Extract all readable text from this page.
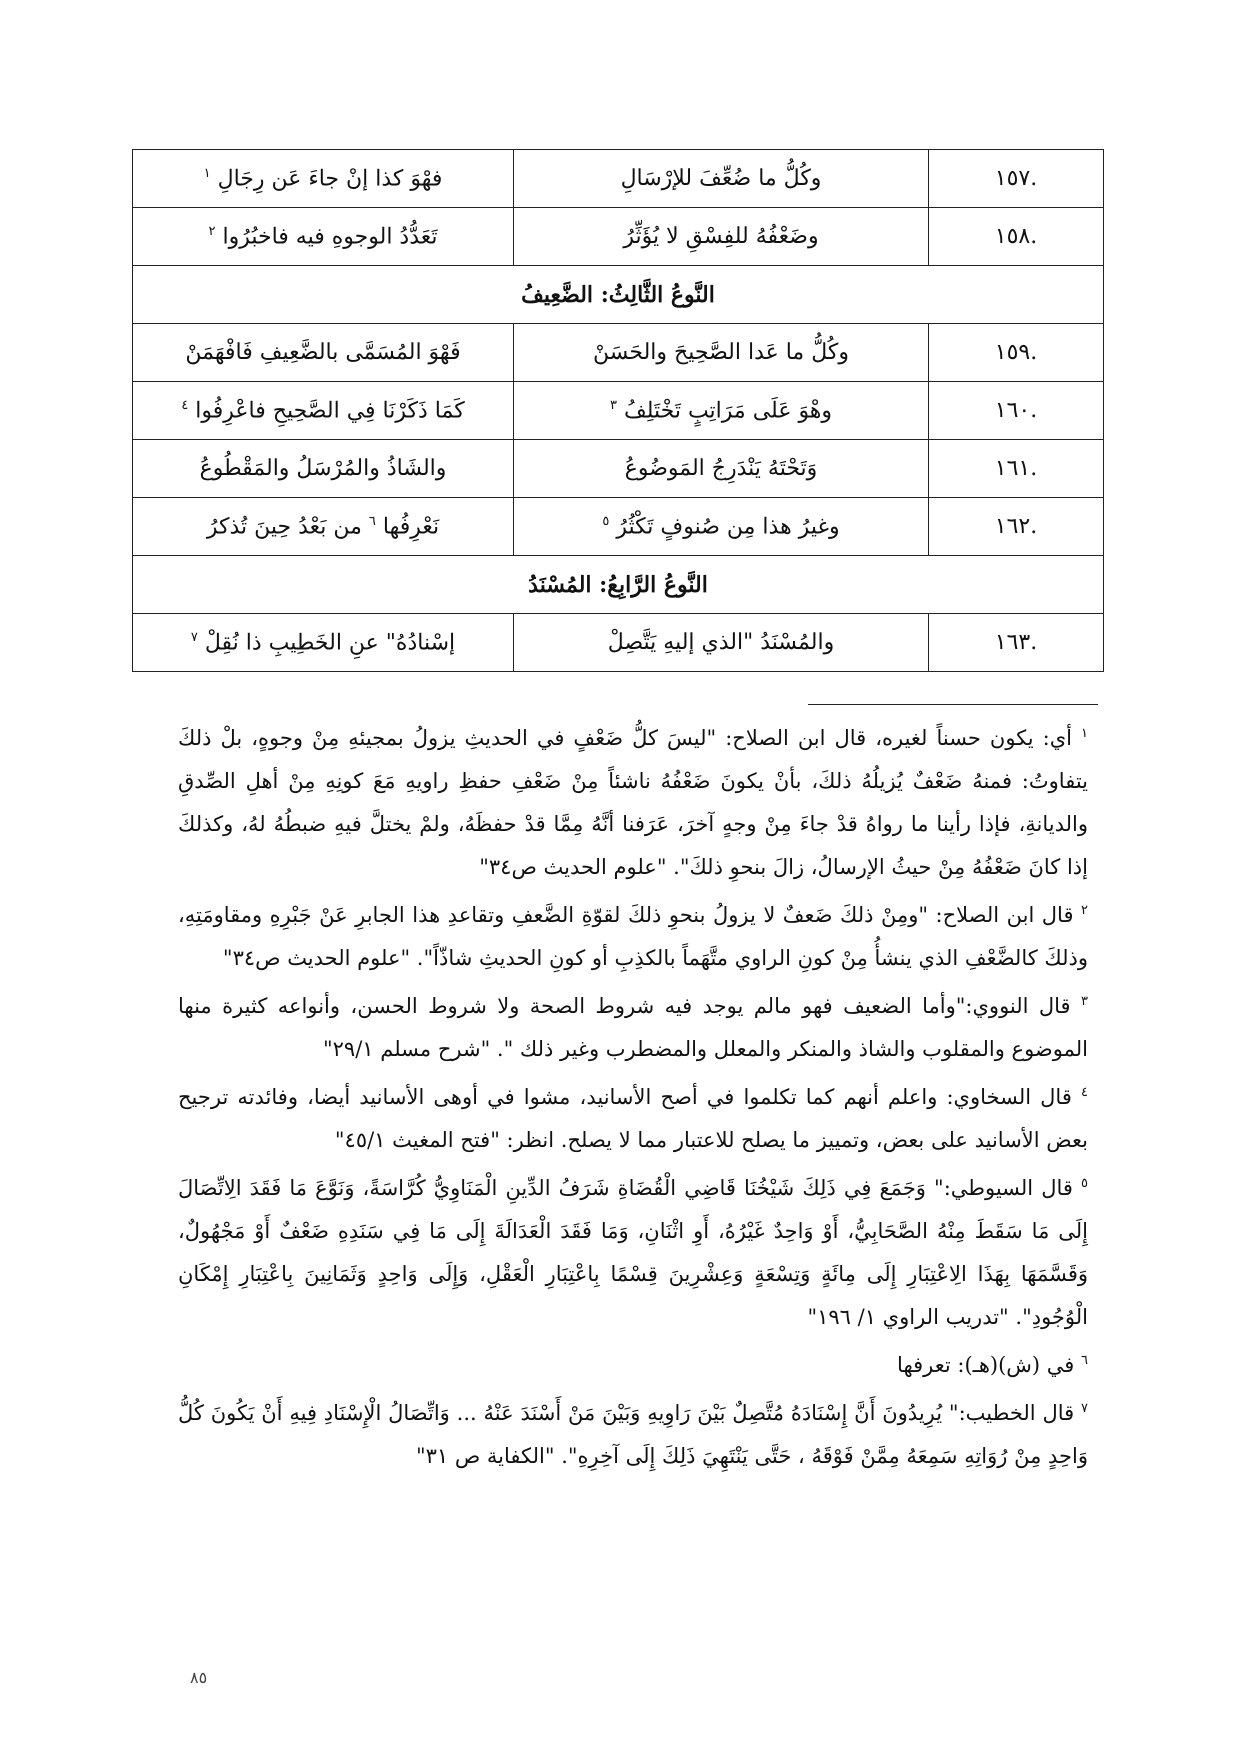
.١٥٧	وكُلُّ ما ضُعِّفَ للإرْسَالِ	فهْوَ كذا إنْ جاءَ عَن رِجَالِ $^١$
.١٥٨	وضَعْفُهُ للفِسْقِ لا يُؤَثِّرُ	تَعَدُّدُ الوجوهِ فيه فاخبُرُوا $^٢$
النَّوعُ الثَّالِثُ: الضَّعِيفُ		
.١٥٩	وكُلُّ ما عَدا الصَّحِيحَ والحَسَنْ	فَهْوَ المُسَمَّى بالضَّعِيفِ فَافْهَمَنْ
.١٦٠	وهْوَ عَلَى مَرَاتِبٍ تَخْتَلِفُ $^٣$	كَمَا ذَكَرْنَا فِي الصَّحِيحِ فاعْرِفُوا $^٤$
.١٦١	وَتَحْتَهُ يَنْدَرِجُ المَوضُوعُ	والشَاذُ والمُرْسَلُ والمَقْطُوعُ
.١٦٢	وغيرُ هذا مِن صُنوفٍ تَكْثُرُ $^٥$	نَعْرِفُها $^٦$ من بَعْدُ حِينَ تُذكرُ
النَّوعُ الرَّابِعُ: المُسْنَدُ		
.١٦٣	والمُسْنَدُ "الذي إليهِ يَتَّصِلْ	إسْنادُهُ" عنِ الخَطِيبِ ذا نُقِلْ $^٧$

$^١$ أي: يكون حسناً لغيره، قال ابن الصلاح: "ليسَ كلُّ ضَعْفٍ في الحديثِ يزولُ بمجيئهِ مِنْ وجوهٍ، بلْ ذلكَ يتفاوتُ: فمنهُ ضَعْفٌ يُزيلُهُ ذلكَ، بأنْ يكونَ ضَعْفُهُ ناشئاً مِنْ ضَعْفِ حفظِ راويهِ مَعَ كونِهِ مِنْ أهلِ الصِّدقِ والديانةِ، فإذا رأينا ما رواهُ قدْ جاءَ مِنْ وجهٍ آخرَ، عَرَفنا أنَّهُ مِمَّا قدْ حفظَهُ، ولمْ يختلَّ فيهِ ضبطُهُ لهُ، وكذلكَ إذا كانَ ضَعْفُهُ مِنْ حيثُ الإرسالُ، زالَ بنحوِ ذلكَ". "علوم الحديث ص٣٤"

$^٢$ قال ابن الصلاح: "ومِنْ ذلكَ ضَعفٌ لا يزولُ بنحوِ ذلكَ لقوّةِ الضَّعفِ وتقاعدِ هذا الجابرِ عَنْ جَبْرِهِ ومقاومَتِهِ، وذلكَ كالضَّعْفِ الذي ينشأُ مِنْ كونِ الراوي متَّهَماً بالكذِبِ أو كونِ الحديثِ شاذّاً". "علوم الحديث ص٣٤"

$^٣$ قال النووي:"وأما الضعيف فهو مالم يوجد فيه شروط الصحة ولا شروط الحسن، وأنواعه كثيرة منها الموضوع والمقلوب والشاذ والمنكر والمعلل والمضطرب وغير ذلك ". "شرح مسلم ٢٩/١"

$^٤$ قال السخاوي: واعلم أنهم كما تكلموا في أصح الأسانيد، مشوا في أوهى الأسانيد أيضا، وفائدته ترجيح بعض الأسانيد على بعض، وتمييز ما يصلح للاعتبار مما لا يصلح. انظر: "فتح المغيث ٤٥/١"

$^٥$ قال السيوطي:" وَجَمَعَ فِي ذَلِكَ شَيْخُنَا قَاضِي الْقُضَاةِ شَرَفُ الدِّينِ الْمَنَاوِيُّ كُرَّاسَةً، وَنَوَّعَ مَا فَقَدَ الِاتِّصَالَ إِلَى مَا سَقَطَ مِنْهُ الصَّحَابِيُّ، أَوْ وَاحِدٌ غَيْرُهُ، أَوِ اثْنَانِ، وَمَا فَقَدَ الْعَدَالَةَ إِلَى مَا فِي سَنَدِهِ ضَعْفٌ أَوْ مَجْهُولٌ، وَقَسَّمَهَا بِهَذَا الِاعْتِبَارِ إِلَى مِائَةٍ وَتِسْعَةٍ وَعِشْرِينَ قِسْمًا بِاعْتِبَارِ الْعَقْلِ، وَإِلَى وَاحِدٍ وَثَمَانِينَ بِاعْتِبَارِ إِمْكَانِ الْوُجُودِ". "تدريب الراوي ١/ ١٩٦"

$^٦$ في (ش)(هـ): تعرفها

$^٧$ قال الخطيب:" يُرِيدُونَ أَنَّ إِسْنَادَهُ مُتَّصِلٌ بَيْنَ رَاوِيهِ وَبَيْنَ مَنْ أَسْنَدَ عَنْهُ ... وَاتِّصَالُ الْإِسْنَادِ فِيهِ أَنْ يَكُونَ كُلُّ وَاحِدٍ مِنْ رُوَاتِهِ سَمِعَهُ مِمَّنْ فَوْقَهُ ، حَتَّى يَنْتَهِيَ ذَلِكَ إِلَى آخِرِهِ". "الكفاية ص ٣١"

٨٥
